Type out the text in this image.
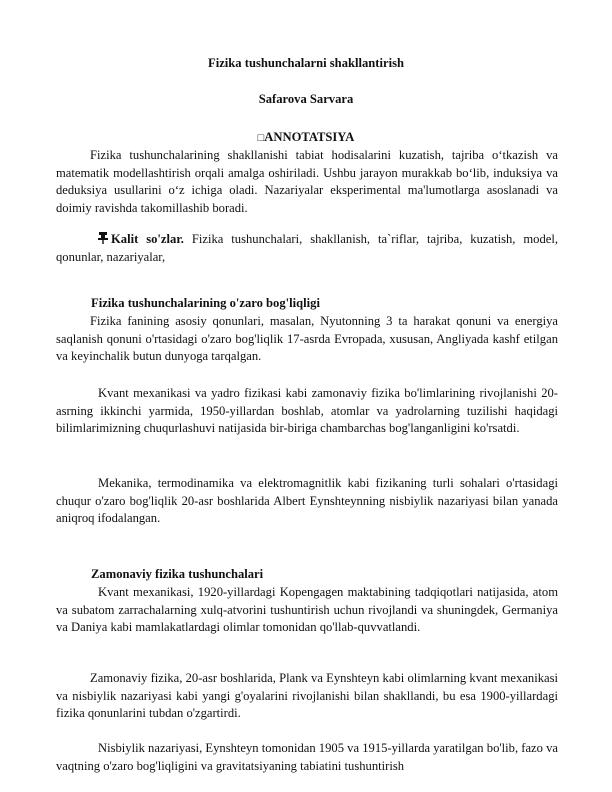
Fizika tushunchalarni shakllantirish
Safarova Sarvara
□ANNOTATSIYA

Fizika tushunchalarining shakllanishi tabiat hodisalarini kuzatish, tajriba o‘tkazish va matematik modellashtirish orqali amalga oshiriladi. Ushbu jarayon murakkab bo‘lib, induksiya va deduksiya usullarini o‘z ichiga oladi. Nazariyalar eksperimental ma'lumotlarga asoslanadi va doimiy ravishda takomillashib boradi.

Kalit so'zlar. Fizika tushunchalari, shakllanish, ta`riflar, tajriba, kuzatish, model, qonunlar, nazariyalar,

Fizika tushunchalarining o'zaro bog'liqligi

Fizika fanining asosiy qonunlari, masalan, Nyutonning 3 ta harakat qonuni va energiya saqlanish qonuni o'rtasidagi o'zaro bog'liqlik 17-asrda Evropada, xususan, Angliyada kashf etilgan va keyinchalik butun dunyoga tarqalgan.

Kvant mexanikasi va yadro fizikasi kabi zamonaviy fizika bo'limlarining rivojlanishi 20-asrning ikkinchi yarmida, 1950-yillardan boshlab, atomlar va yadrolarning tuzilishi haqidagi bilimlarimizning chuqurlashuvi natijasida bir-biriga chambarchas bog'langanligini ko'rsatdi.

Mekanika, termodinamika va elektromagnitlik kabi fizikaning turli sohalari o'rtasidagi chuqur o'zaro bog'liqlik 20-asr boshlarida Albert Eynshteynning nisbiylik nazariyasi bilan yanada aniqroq ifodalangan.

Zamonaviy fizika tushunchalari

Kvant mexanikasi, 1920-yillardagi Kopengagen maktabining tadqiqotlari natijasida, atom va subatom zarrachalarning xulq-atvorini tushuntirish uchun rivojlandi va shuningdek, Germaniya va Daniya kabi mamlakatlardagi olimlar tomonidan qo'llab-quvvatlandi.

Zamonaviy fizika, 20-asr boshlarida, Plank va Eynshteyn kabi olimlarning kvant mexanikasi va nisbiylik nazariyasi kabi yangi g'oyalarini rivojlanishi bilan shakllandi, bu esa 1900-yillardagi fizika qonunlarini tubdan o'zgartirdi.

Nisbiylik nazariyasi, Eynshteyn tomonidan 1905 va 1915-yillarda yaratilgan bo'lib, fazo va vaqtning o'zaro bog'liqligini va gravitatsiyaning tabiatini tushuntirish
